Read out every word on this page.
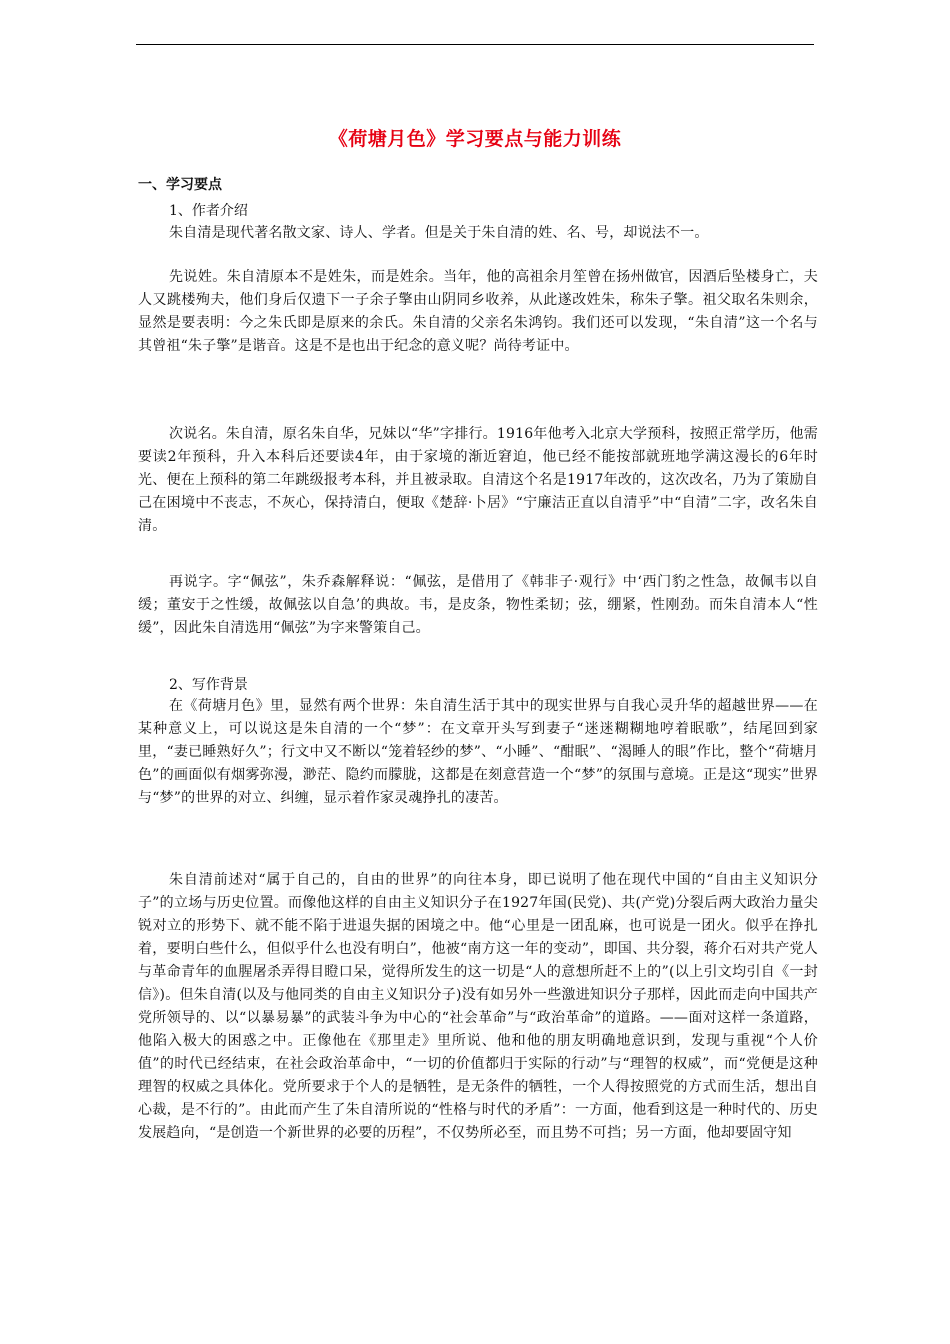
《荷塘月色》学习要点与能力训练
一、学习要点
1、作者介绍
朱自清是现代著名散文家、诗人、学者。但是关于朱自清的姓、名、号，却说法不一。
先说姓。朱自清原本不是姓朱，而是姓余。当年，他的高祖余月笙曾在扬州做官，因酒后坠楼身亡，夫人又跳楼殉夫，他们身后仅遗下一子余子擎由山阴同乡收养，从此遂改姓朱，称朱子擎。祖父取名朱则余，显然是要表明：今之朱氏即是原来的余氏。朱自清的父亲名朱鸿钧。我们还可以发现，“朱自清”这一个名与其曾祖“朱子擎”是谐音。这是不是也出于纪念的意义呢？尚待考证中。
次说名。朱自清，原名朱自华，兄妹以“华”字排行。1916年他考入北京大学预科，按照正常学历，他需要读2年预科，升入本科后还要读4年，由于家境的渐近窘迫，他已经不能按部就班地学满这漫长的6年时光、便在上预科的第二年跳级报考本科，并且被录取。自清这个名是1917年改的，这次改名，乃为了策励自己在困境中不丧志，不灰心，保持清白，便取《楚辞·卜居》“宁廉洁正直以自清乎”中“自清”二字，改名朱自清。
再说字。字“佩弦”，朱乔森解释说：“佩弦，是借用了《韩非子·观行》中‘西门豹之性急，故佩韦以自缓；董安于之性缓，故佩弦以自急’的典故。韦，是皮条，物性柔韧；弦，绷紧，性刚劲。而朱自清本人“性缓”，因此朱自清选用“佩弦”为字来警策自己。
2、写作背景
在《荷塘月色》里，显然有两个世界：朱自清生活于其中的现实世界与自我心灵升华的超越世界——在某种意义上，可以说这是朱自清的一个“梦”：在文章开头写到妻子“迷迷糊糊地哼着眠歌”，结尾回到家里，“妻已睡熟好久”；行文中又不断以“笼着轻纱的梦”、“小睡”、“酣眠”、“渴睡人的眼”作比，整个“荷塘月色”的画面似有烟雾弥漫，渺茫、隐约而朦胧，这都是在刻意营造一个“梦”的氛围与意境。正是这“现实”世界与“梦”的世界的对立、纠缠，显示着作家灵魂挣扎的凄苦。
朱自清前述对“属于自己的，自由的世界”的向往本身，即已说明了他在现代中国的“自由主义知识分子”的立场与历史位置。而像他这样的自由主义知识分子在1927年国(民党)、共(产党)分裂后两大政治力量尖锐对立的形势下、就不能不陷于进退失据的困境之中。他“心里是一团乱麻，也可说是一团火。似乎在挣扎着，要明白些什么，但似乎什么也没有明白”，他被“南方这一年的变动”，即国、共分裂，蒋介石对共产党人与革命青年的血腥屠杀弄得目瞪口呆，觉得所发生的这一切是“人的意想所赶不上的”(以上引文均引自《一封信》)。但朱自清(以及与他同类的自由主义知识分子)没有如另外一些激进知识分子那样，因此而走向中国共产党所领导的、以“以暴易暴”的武装斗争为中心的“社会革命”与“政治革命”的道路。——面对这样一条道路，他陷入极大的困惑之中。正像他在《那里走》里所说、他和他的朋友明确地意识到，发现与重视“个人价值”的时代已经结束，在社会政治革命中，“一切的价值都归于实际的行动”与“理智的权威”，而“党便是这种理智的权威之具体化。党所要求于个人的是牺牲，是无条件的牺牲，一个人得按照党的方式而生活，想出自心裁，是不行的”。由此而产生了朱自清所说的“性格与时代的矛盾”：一方面，他看到这是一种时代的、历史发展趋向，“是创造一个新世界的必要的历程”，不仅势所必至，而且势不可挡；另一方面，他却要固守知
